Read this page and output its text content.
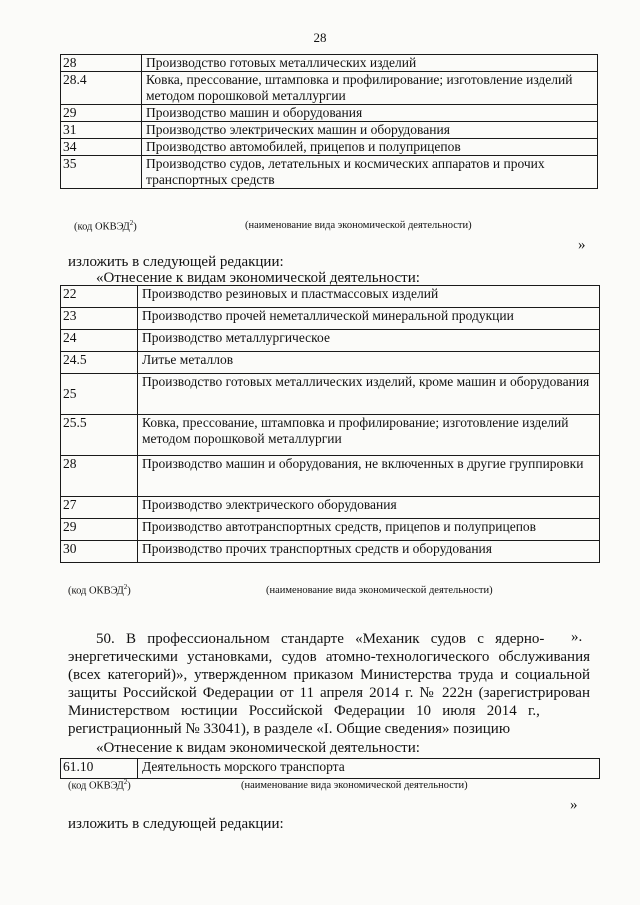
28
28	Производство готовых металлических изделий
28.4	Ковка, прессование, штамповка и профилирование; изготовление изделий методом порошковой металлургии
29	Производство машин и оборудования
31	Производство электрических машин и оборудования
34	Производство автомобилей, прицепов и полуприцепов
35	Производство судов, летательных и космических аппаратов и прочих транспортных средств
(код ОКВЭД$^2$)	(наименование вида экономической деятельности)
»
изложить в следующей редакции:
«Отнесение к видам экономической деятельности:
22	Производство резиновых и пластмассовых изделий
23	Производство прочей неметаллической минеральной продукции
24	Производство металлургическое
24.5	Литье металлов
25	Производство готовых металлических изделий, кроме машин и оборудования
25.5	Ковка, прессование, штамповка и профилирование; изготовление изделий методом порошковой металлургии
28	Производство машин и оборудования, не включенных в другие группировки
27	Производство электрического оборудования
29	Производство автотранспортных средств, прицепов и полуприцепов
30	Производство прочих транспортных средств и оборудования
(код ОКВЭД$^2$)	(наименование вида экономической деятельности)
».
50.   В   профессиональном   стандарте   «Механик   судов   с   ядерно-
энергетическими установками, судов атомно-технологического обслуживания
(всех категорий)», утвержденном приказом Министерства труда и социальной
защиты Российской Федерации от 11 апреля 2014 г. № 222н (зарегистрирован
Министерством   юстиции   Российской   Федерации   10   июля   2014   г.,
регистрационный № 33041), в разделе «I. Общие сведения» позицию
«Отнесение к видам экономической деятельности:
61.10	Деятельность морского транспорта
(код ОКВЭД$^2$)	(наименование вида экономической деятельности)
»
изложить в следующей редакции:
